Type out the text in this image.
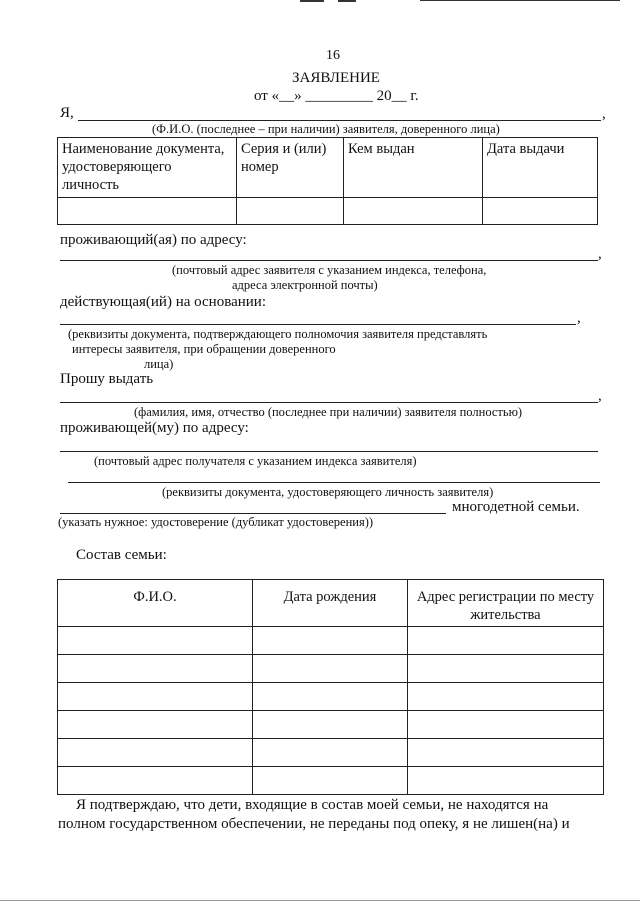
16
ЗАЯВЛЕНИЕ
от «__» _________ 20__ г.
Я,	,
(Ф.И.О. (последнее – при наличии) заявителя, доверенного лица)
Наименование документа, удостоверяющего личность	Серия и (или) номер	Кем выдан	Дата выдачи

проживающий(ая) по адресу:
,
(почтовый адрес заявителя с указанием индекса, телефона,
адреса электронной почты)
действующая(ий) на основании:
,
(реквизиты документа, подтверждающего полномочия заявителя представлять
интересы заявителя, при обращении доверенного
лица)
Прошу выдать
,
(фамилия, имя, отчество (последнее при наличии) заявителя полностью)
проживающей(му) по адресу:
(почтовый адрес получателя с указанием индекса заявителя)
(реквизиты документа, удостоверяющего личность заявителя)
многодетной семьи.
(указать нужное: удостоверение (дубликат удостоверения))
Состав семьи:
Ф.И.О.	Дата рождения	Адрес регистрации по месту жительства

Я подтверждаю, что дети, входящие в состав моей семьи, не находятся на
полном государственном обеспечении, не переданы под опеку, я не лишен(на) и
